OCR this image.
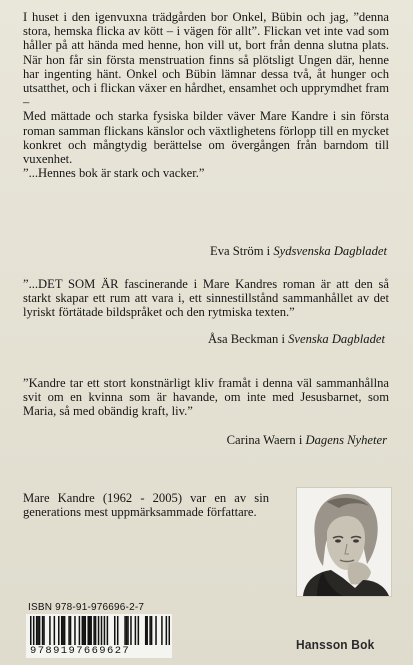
I huset i den igenvuxna trädgården bor Onkel, Bübin och jag, ”denna stora, hemska flicka av kött – i vägen för allt”. Flickan vet inte vad som håller på att hända med henne, hon vill ut, bort från denna slutna plats. När hon får sin första menstruation finns så plötsligt Ungen där, henne har ingenting hänt. Onkel och Bübin lämnar dessa två, åt hunger och utsatthet, och i flickan växer en hårdhet, ensamhet och upprymdhet fram –

Med mättade och starka fysiska bilder väver Mare Kandre i sin första roman samman flickans känslor och växtlighetens förlopp till en mycket konkret och mångtydig berättelse om övergången från barndom till vuxenhet.

”...Hennes bok är stark och vacker.”

Eva Ström i Sydsvenska Dagbladet

”...DET SOM ÄR fascinerande i Mare Kandres roman är att den så starkt skapar ett rum att vara i, ett sinnestillstånd sammanhållet av det lyriskt förtätade bildspråket och den rytmiska texten.”

Åsa Beckman i Svenska Dagbladet

”Kandre tar ett stort konstnärligt kliv framåt i denna väl sammanhållna svit om en kvinna som är havande, om inte med Jesusbarnet, som Maria, så med obändig kraft, liv.”

Carina Waern i Dagens Nyheter

Mare Kandre (1962 - 2005) var en av sin generations mest uppmärksammade författare.

ISBN 978-91-976696-2-7

9789197669627	Hansson Bok
